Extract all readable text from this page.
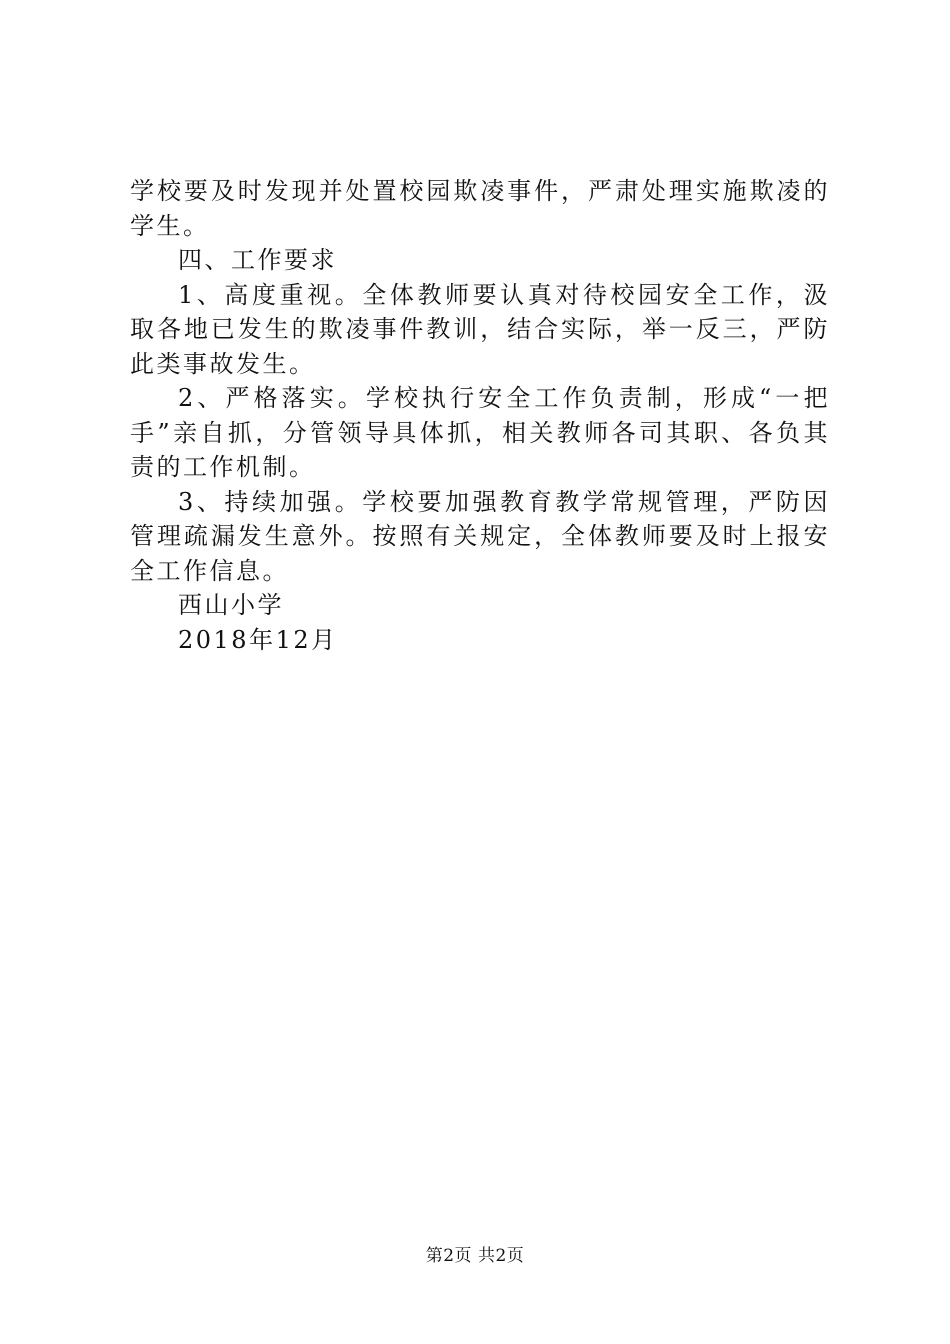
学校要及时发现并处置校园欺凌事件，严肃处理实施欺凌的学生。

四、工作要求

1、高度重视。全体教师要认真对待校园安全工作，汲取各地已发生的欺凌事件教训，结合实际，举一反三，严防此类事故发生。

2、严格落实。学校执行安全工作负责制，形成“一把手”亲自抓，分管领导具体抓，相关教师各司其职、各负其责的工作机制。

3、持续加强。学校要加强教育教学常规管理，严防因管理疏漏发生意外。按照有关规定，全体教师要及时上报安全工作信息。

西山小学

2018年12月

第2页 共2页
